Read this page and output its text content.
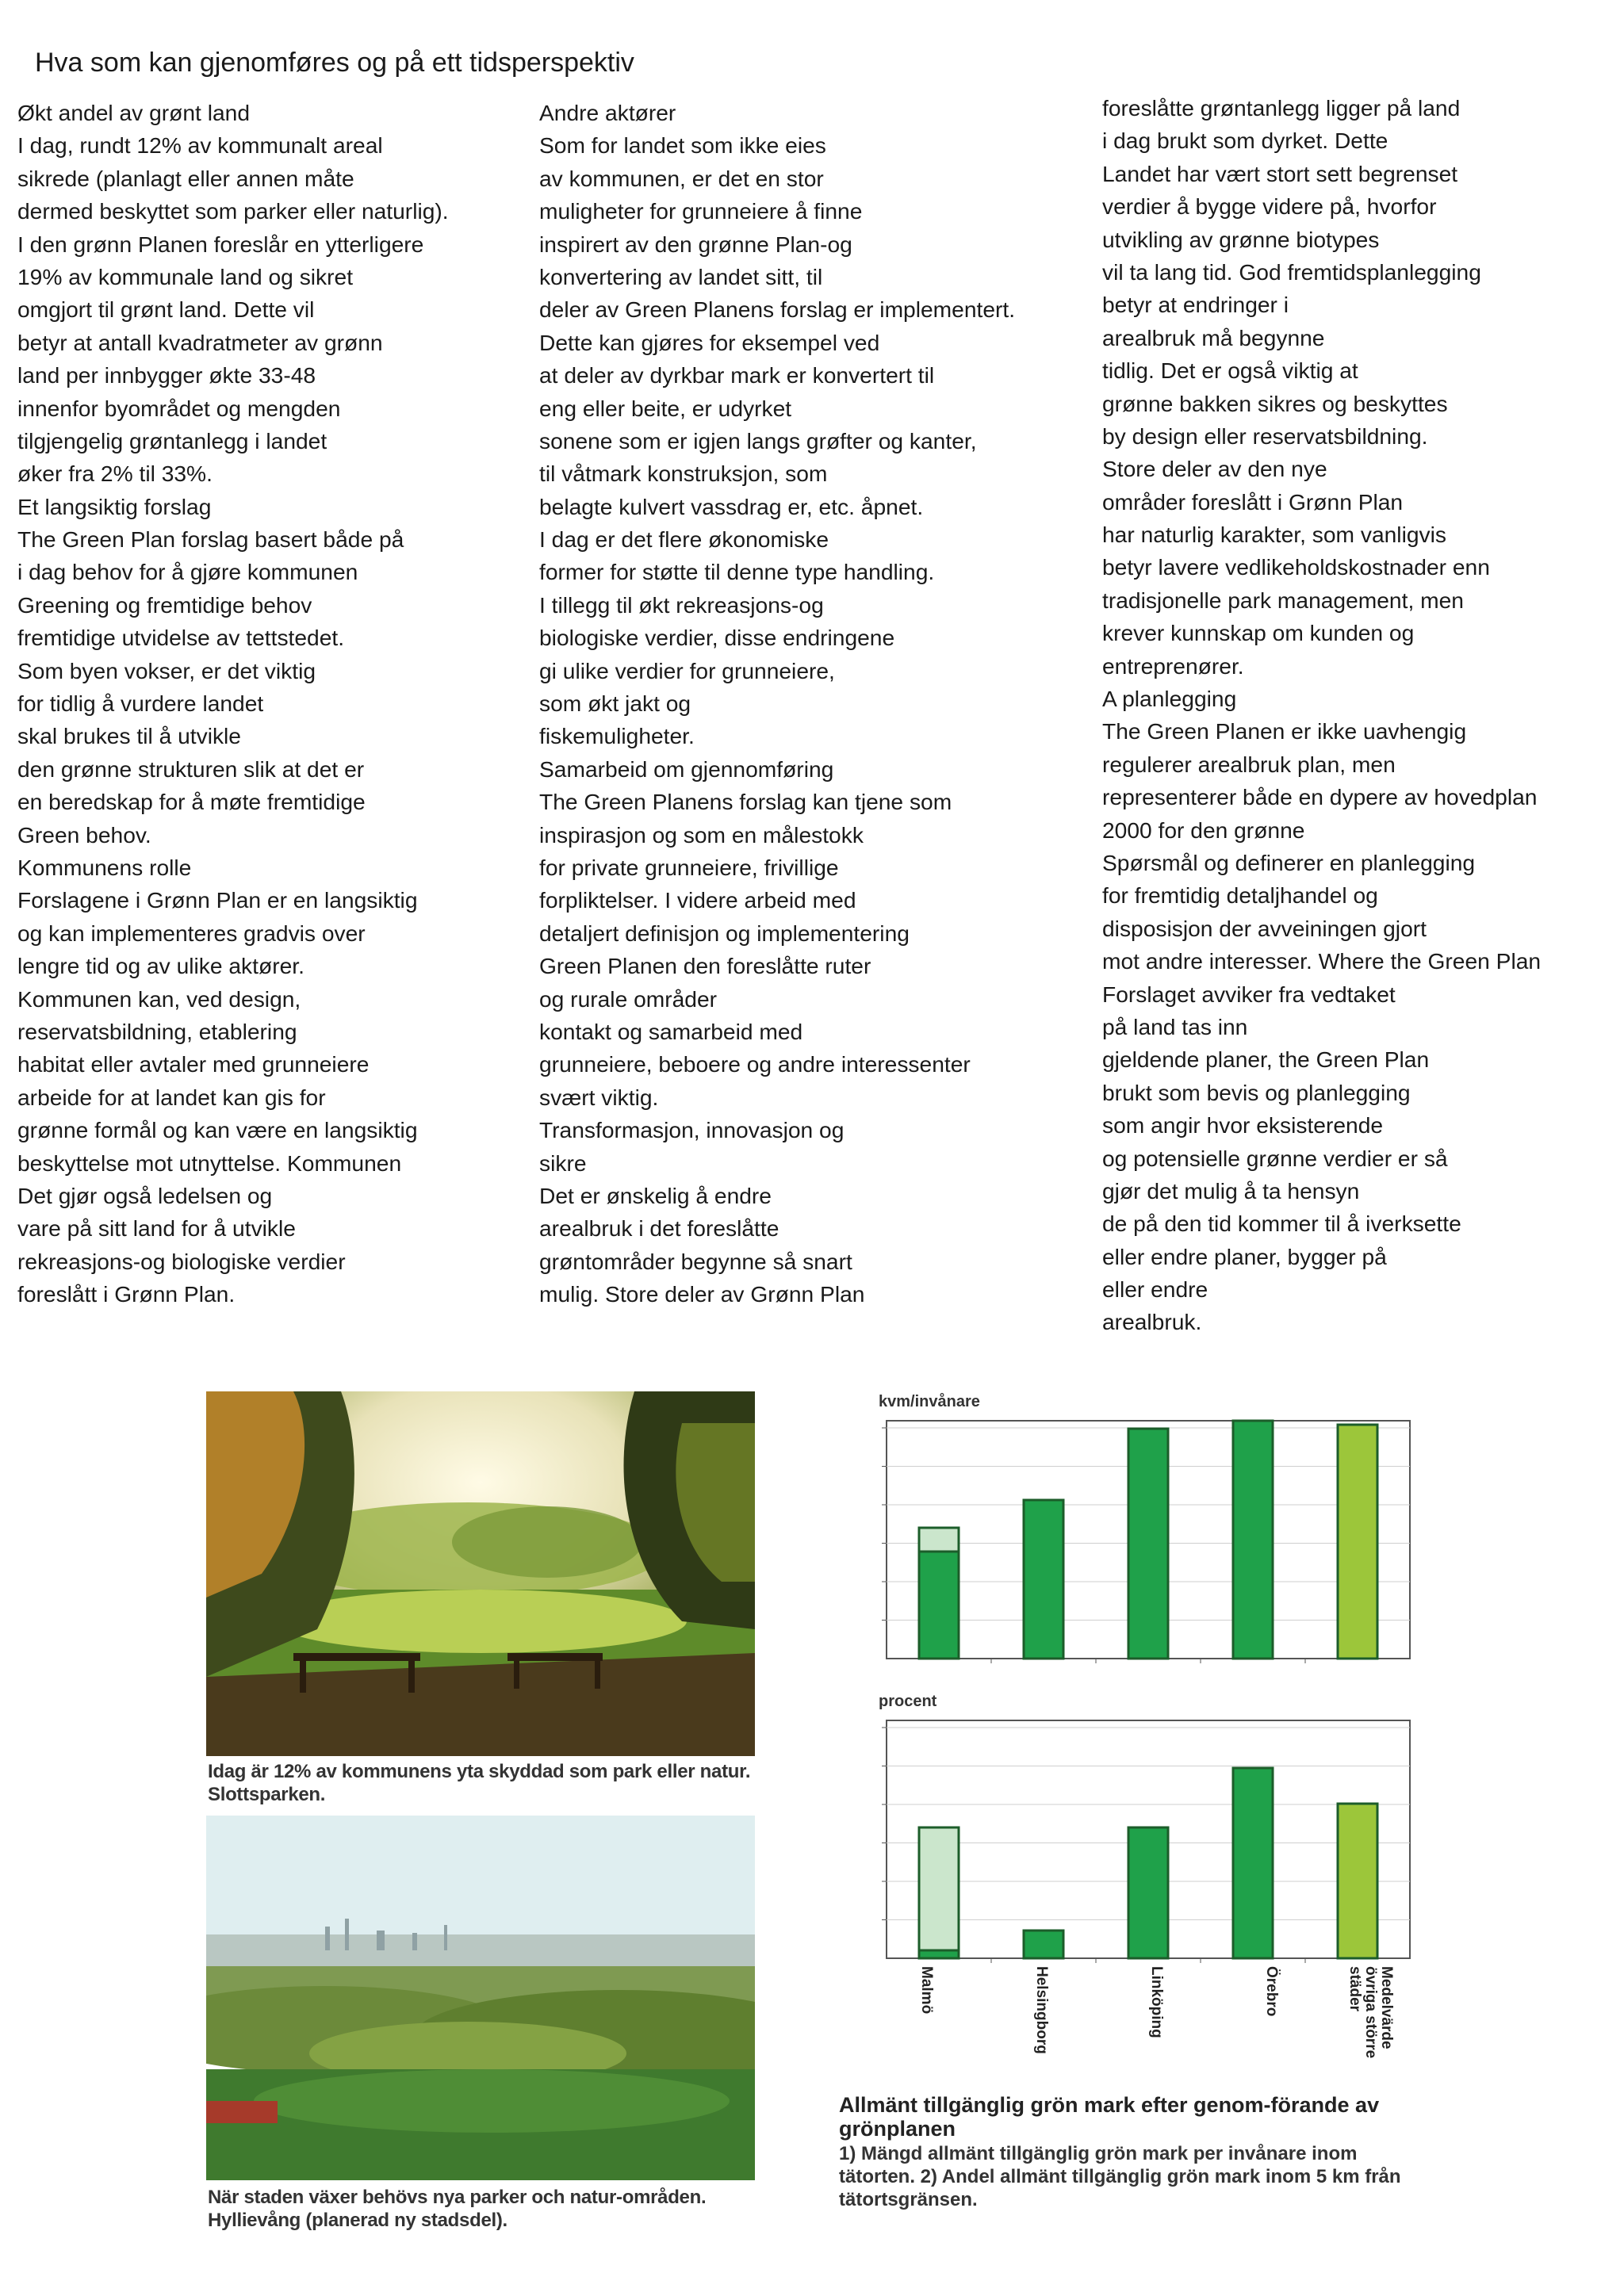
Hva som kan gjenomføres og på ett tidsperspektiv
Økt andel av grønt land
I dag, rundt 12% av kommunalt areal
sikrede (planlagt eller annen måte
dermed beskyttet som parker eller naturlig).
I den grønn Planen foreslår en ytterligere
19% av kommunale land og sikret
omgjort til grønt land. Dette vil
betyr at antall kvadratmeter av grønn
land per innbygger økte 33-48
innenfor byområdet og mengden
tilgjengelig grøntanlegg i landet
øker fra 2% til 33%.
Et langsiktig forslag
The Green Plan forslag basert både på
i dag behov for å gjøre kommunen
Greening og fremtidige behov
fremtidige utvidelse av tettstedet.
Som byen vokser, er det viktig
for tidlig å vurdere landet
skal brukes til å utvikle
den grønne strukturen slik at det er
en beredskap for å møte fremtidige
Green behov.
Kommunens rolle
Forslagene i Grønn Plan er en langsiktig
og kan implementeres gradvis over
lengre tid og av ulike aktører.
Kommunen kan, ved design,
reservatsbildning, etablering
habitat eller avtaler med grunneiere
arbeide for at landet kan gis for
grønne formål og kan være en langsiktig
beskyttelse mot utnyttelse. Kommunen
Det gjør også ledelsen og
vare på sitt land for å utvikle
rekreasjons-og biologiske verdier
foreslått i Grønn Plan.
Andre aktører
Som for landet som ikke eies
av kommunen, er det en stor
muligheter for grunneiere å finne
inspirert av den grønne Plan-og
konvertering av landet sitt, til
deler av Green Planens forslag er implementert.
Dette kan gjøres for eksempel ved
at deler av dyrkbar mark er konvertert til
eng eller beite, er udyrket
sonene som er igjen langs grøfter og kanter,
til våtmark konstruksjon, som
belagte kulvert vassdrag er, etc. åpnet.
I dag er det flere økonomiske
former for støtte til denne type handling.
I tillegg til økt rekreasjons-og
biologiske verdier, disse endringene
gi ulike verdier for grunneiere,
som økt jakt og
fiskemuligheter.
Samarbeid om gjennomføring
The Green Planens forslag kan tjene som
inspirasjon og som en målestokk
for private grunneiere, frivillige
forpliktelser. I videre arbeid med
detaljert definisjon og implementering
Green Planen den foreslåtte ruter
og rurale områder
kontakt og samarbeid med
grunneiere, beboere og andre interessenter
svært viktig.
Transformasjon, innovasjon og
sikre
Det er ønskelig å endre
arealbruk i det foreslåtte
grøntområder begynne så snart
mulig. Store deler av Grønn Plan
foreslåtte grøntanlegg ligger på land
i dag brukt som dyrket. Dette
Landet har vært stort sett begrenset
verdier å bygge videre på, hvorfor
utvikling av grønne biotypes
vil ta lang tid. God fremtidsplanlegging
betyr at endringer i
arealbruk må begynne
tidlig. Det er også viktig at
grønne bakken sikres og beskyttes
by design eller reservatsbildning.
Store deler av den nye
områder foreslått i Grønn Plan
har naturlig karakter, som vanligvis
betyr lavere vedlikeholdskostnader enn
tradisjonelle park management, men
krever kunnskap om kunden og
entreprenører.
A planlegging
The Green Planen er ikke uavhengig
regulerer arealbruk plan, men
representerer både en dypere av hovedplan
2000 for den grønne
Spørsmål og definerer en planlegging
for fremtidig detaljhandel og
disposisjon der avveiningen gjort
mot andre interesser. Where the Green Plan
Forslaget avviker fra vedtaket
på land tas inn
gjeldende planer, the Green Plan
brukt som bevis og planlegging
som angir hvor eksisterende
og potensielle grønne verdier er så
gjør det mulig å ta hensyn
de på den tid kommer til å iverksette
eller endre planer, bygger på
eller endre
arealbruk.
Idag är 12% av kommunens yta skyddad som park eller natur. Slottsparken.
När staden växer behövs nya parker och natur-områden. Hyllievång (planerad ny stadsdel).
kvm/invånare
procent
Malmö	Helsingborg	Linköping	Örebro	Medelvärde övriga större städer
Allmänt tillgänglig grön mark efter genom-förande av grönplanen
1) Mängd allmänt tillgänglig grön mark per invånare inom tätorten. 2) Andel allmänt tillgänglig grön mark inom 5 km från tätortsgränsen.
